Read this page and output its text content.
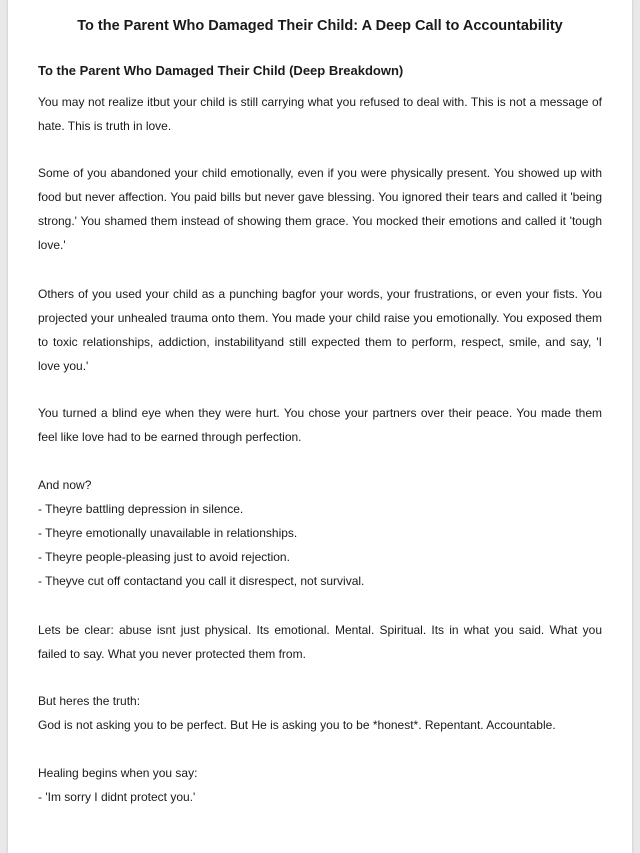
To the Parent Who Damaged Their Child: A Deep Call to Accountability
To the Parent Who Damaged Their Child (Deep Breakdown)

You may not realize itbut your child is still carrying what you refused to deal with. This is not a message of hate. This is truth in love.

Some of you abandoned your child emotionally, even if you were physically present. You showed up with food but never affection. You paid bills but never gave blessing. You ignored their tears and called it 'being strong.' You shamed them instead of showing them grace. You mocked their emotions and called it 'tough love.'

Others of you used your child as a punching bagfor your words, your frustrations, or even your fists. You projected your unhealed trauma onto them. You made your child raise you emotionally. You exposed them to toxic relationships, addiction, instabilityand still expected them to perform, respect, smile, and say, 'I love you.'

You turned a blind eye when they were hurt. You chose your partners over their peace. You made them feel like love had to be earned through perfection.

And now?

- Theyre battling depression in silence.

- Theyre emotionally unavailable in relationships.

- Theyre people-pleasing just to avoid rejection.

- Theyve cut off contactand you call it disrespect, not survival.

Lets be clear: abuse isnt just physical. Its emotional. Mental. Spiritual. Its in what you said. What you failed to say. What you never protected them from.

But heres the truth:

God is not asking you to be perfect. But He is asking you to be *honest*. Repentant. Accountable.

Healing begins when you say:

- 'Im sorry I didnt protect you.'
